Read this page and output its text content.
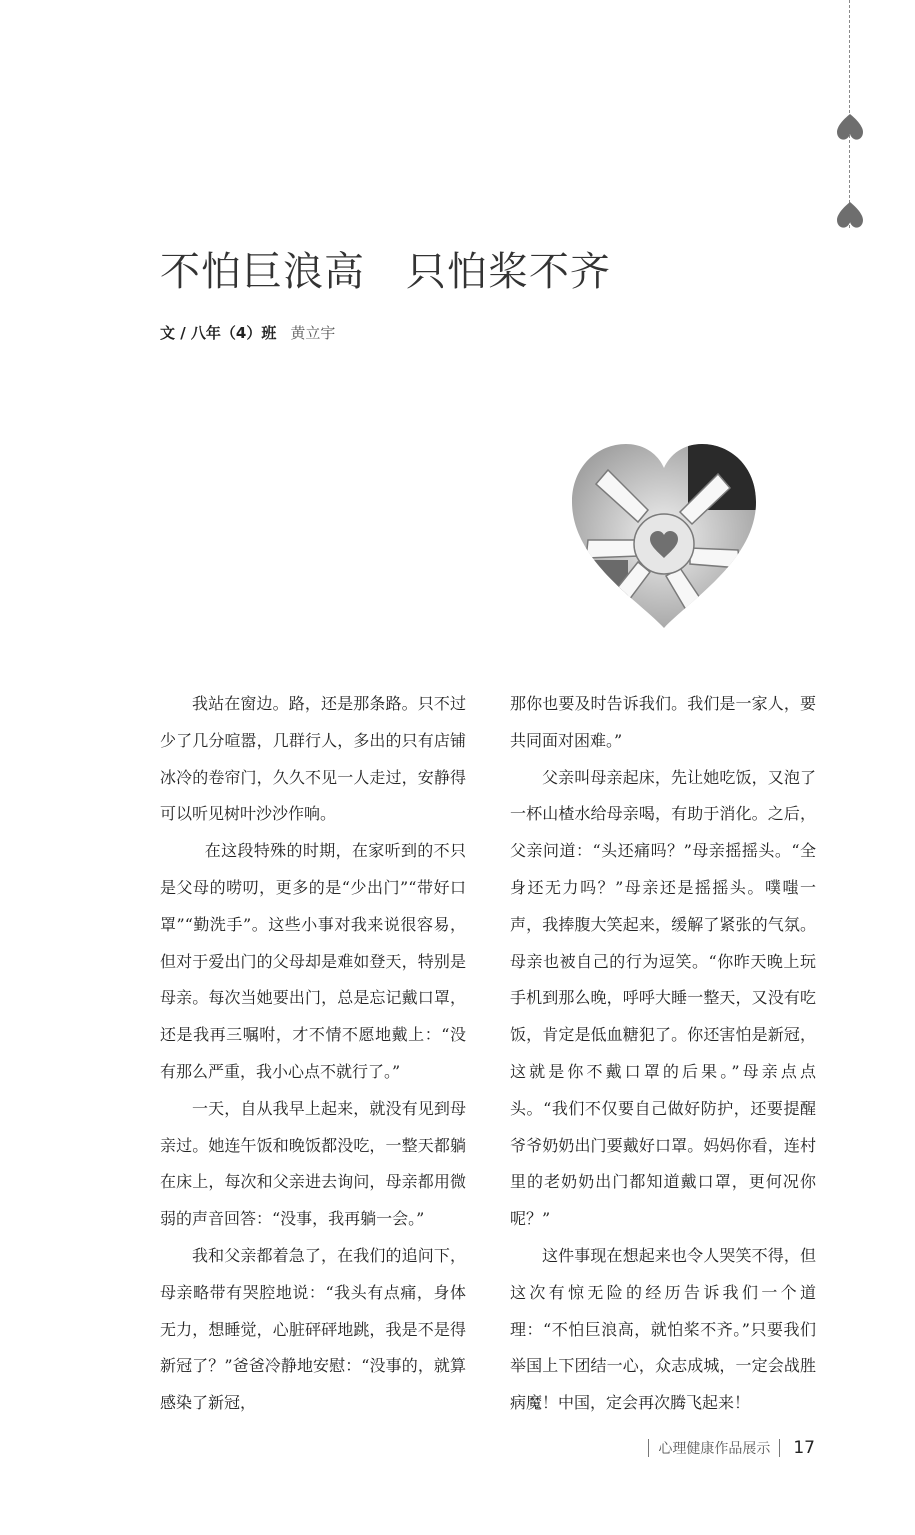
不怕巨浪高　只怕桨不齐
文 / 八年（4）班 黄立宇

我站在窗边。路，还是那条路。只不过少了几分喧嚣，几群行人，多出的只有店铺冰冷的卷帘门，久久不见一人走过，安静得可以听见树叶沙沙作响。

在这段特殊的时期，在家听到的不只是父母的唠叨，更多的是“少出门”“带好口罩”“勤洗手”。这些小事对我来说很容易，但对于爱出门的父母却是难如登天，特别是母亲。每次当她要出门，总是忘记戴口罩，还是我再三嘱咐，才不情不愿地戴上：“没有那么严重，我小心点不就行了。”

一天，自从我早上起来，就没有见到母亲过。她连午饭和晚饭都没吃，一整天都躺在床上，每次和父亲进去询问，母亲都用微弱的声音回答：“没事，我再躺一会。”

我和父亲都着急了，在我们的追问下，母亲略带有哭腔地说：“我头有点痛，身体无力，想睡觉，心脏砰砰地跳，我是不是得新冠了？”爸爸冷静地安慰：“没事的，就算感染了新冠，

那你也要及时告诉我们。我们是一家人，要共同面对困难。”

父亲叫母亲起床，先让她吃饭，又泡了一杯山楂水给母亲喝，有助于消化。之后，父亲问道：“头还痛吗？”母亲摇摇头。“全身还无力吗？”母亲还是摇摇头。噗嗤一声，我捧腹大笑起来，缓解了紧张的气氛。母亲也被自己的行为逗笑。“你昨天晚上玩手机到那么晚，呼呼大睡一整天，又没有吃饭，肯定是低血糖犯了。你还害怕是新冠，这就是你不戴口罩的后果。”母亲点点头。“我们不仅要自己做好防护，还要提醒爷爷奶奶出门要戴好口罩。妈妈你看，连村里的老奶奶出门都知道戴口罩，更何况你呢？”

这件事现在想起来也令人哭笑不得，但这次有惊无险的经历告诉我们一个道理：“不怕巨浪高，就怕桨不齐。”只要我们举国上下团结一心，众志成城，一定会战胜病魔！中国，定会再次腾飞起来！

心理健康作品展示 17
